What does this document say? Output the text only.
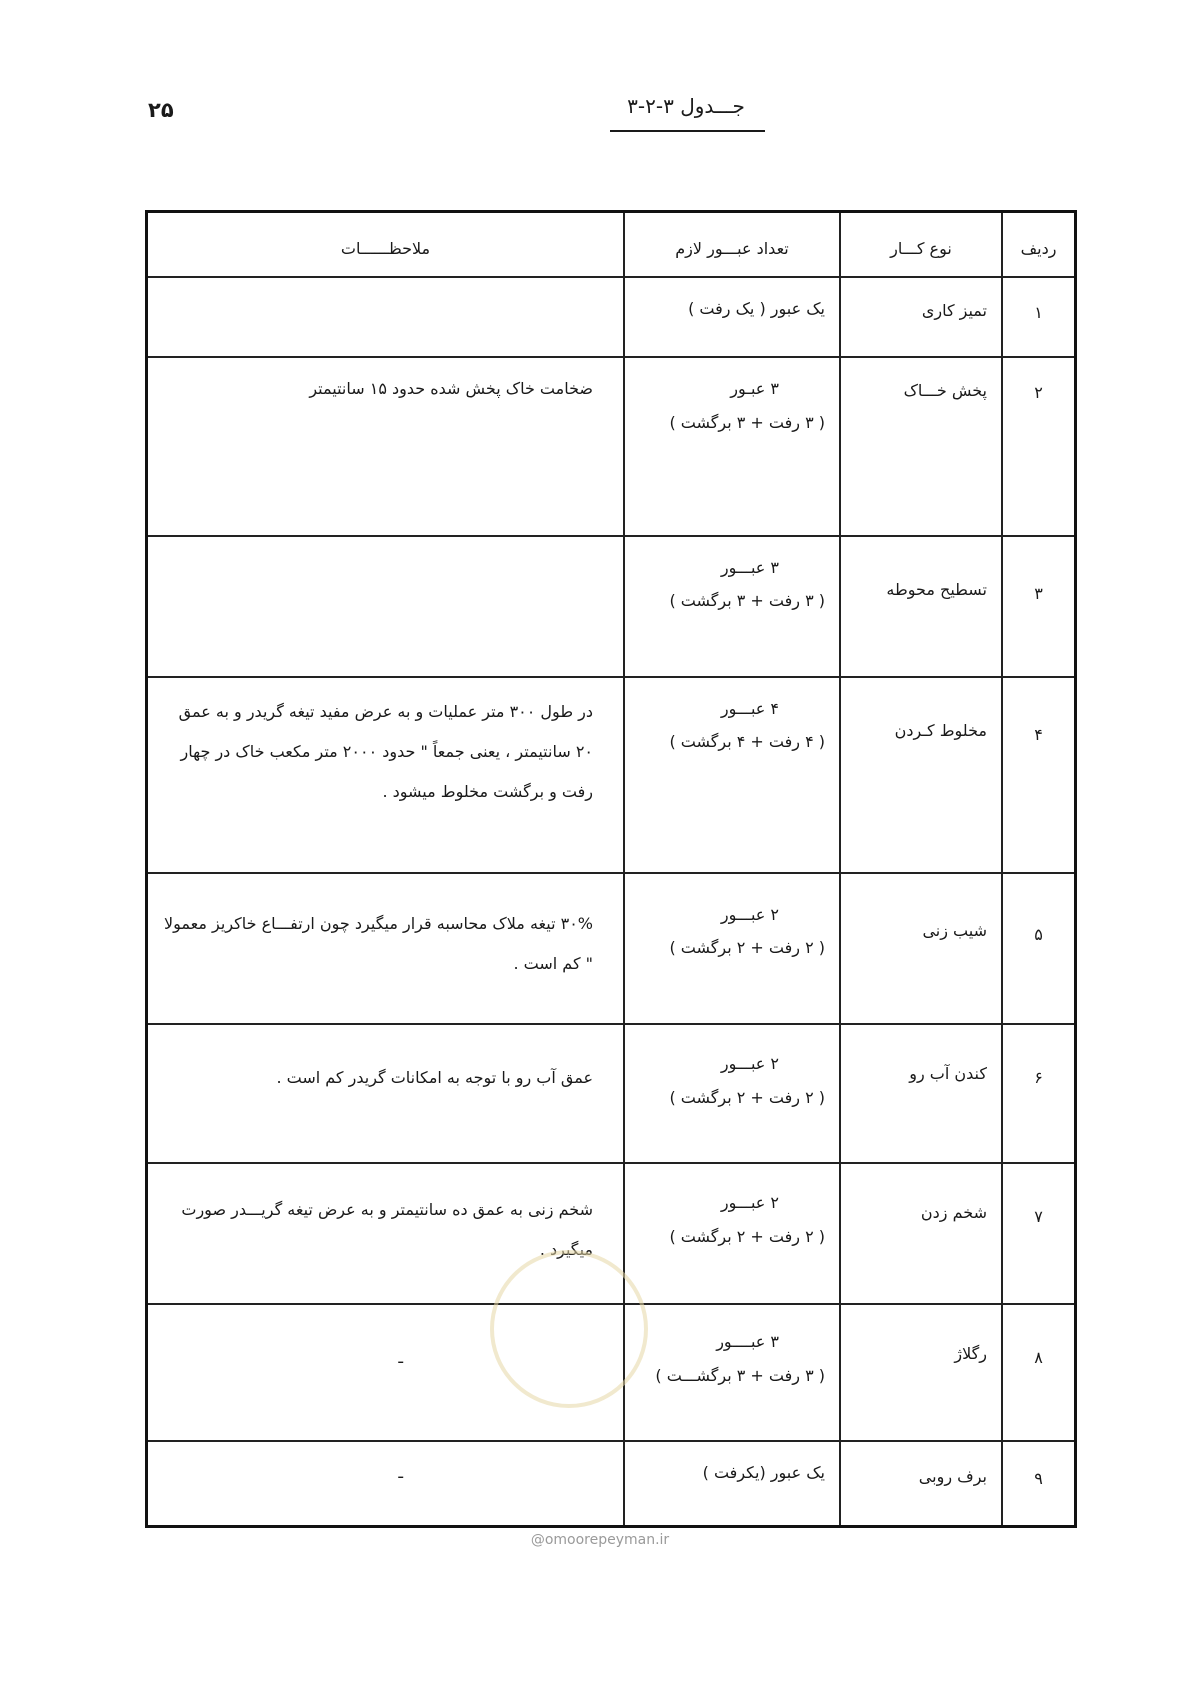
۲۵	جـــدول ۳-۲-۳
ردیف	نوع کـــار	تعداد عبـــور لازم	ملاحظــــــات
۱	تمیز کاری	یک عبور ( یک رفت )	
۲	پخش خـــاک	۳ عبـور
( ۳ رفت + ۳ برگشت )	ضخامت خاک پخش شده حدود ۱۵ سانتیمتر
۳	تسطیح محوطه	۳ عبـــور
( ۳ رفت + ۳ برگشت )	

۴	مخلوط کـردن	۴ عبـــور
( ۴ رفت + ۴ برگشت )	در طول ۳۰۰ متر عملیات و به عرض مفید تیغه گریدر و به عمق ۲۰ سانتیمتر ، یعنی جمعاً " حدود ۲۰۰۰ متر مکعب خاک در چهار رفت و برگشت مخلوط میشود .
۵	شیب زنی	۲ عبـــور
( ۲ رفت + ۲ برگشت )	۳۰% تیغه ملاک محاسبه قرار میگیرد چون ارتفـــاع خاکریز معمولا " کم است .
۶	کندن آب رو	۲ عبـــور
( ۲ رفت + ۲ برگشت )	عمق آب رو با توجه به امکانات گریدر کم است .
۷	شخم زدن	۲ عبـــور
( ۲ رفت + ۲ برگشت )	شخم زنی به عمق ده سانتیمتر و به عرض تیغه گریـــدر صورت میگیرد .
۸	رگلاژ	۳ عبــــور
( ۳ رفت + ۳ برگشـــت )	ـ
۹	برف روبی	یک عبور (یکرفت )	ـ
@omoorepeyman.ir
